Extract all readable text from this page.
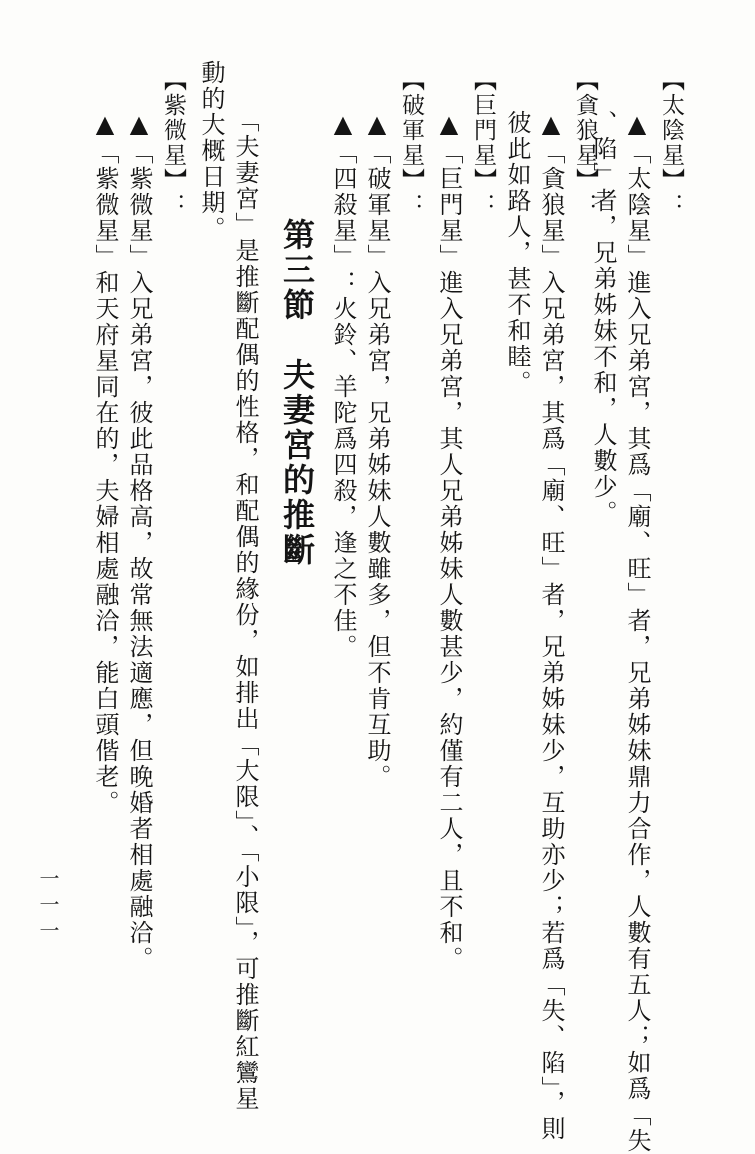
【太陰星】：
▲「太陰星」進入兄弟宮，其爲「廟、旺」者，兄弟姊妹鼎力合作，人數有五人；如爲「失
、陷」者，兄弟姊妹不和，人數少。
【貪狼星】：
▲「貪狼星」入兄弟宮，其爲「廟、旺」者，兄弟姊妹少，互助亦少；若爲「失、陷」，則
彼此如路人，甚不和睦。
【巨門星】：
▲「巨門星」進入兄弟宮，其人兄弟姊妹人數甚少，約僅有二人，且不和。
【破軍星】：
▲「破軍星」入兄弟宮，兄弟姊妹人數雖多，但不肯互助。
▲「四殺星」：火鈴、羊陀爲四殺，逢之不佳。
第三節　夫妻宮的推斷
「夫妻宮」是推斷配偶的性格，和配偶的緣份，如排出「大限」、「小限」，可推斷紅鸞星
動的大概日期。
【紫微星】：
▲「紫微星」入兄弟宮，彼此品格高，故常無法適應，但晚婚者相處融洽。
▲「紫微星」和天府星同在的，夫婦相處融洽，能白頭偕老。
一一一
